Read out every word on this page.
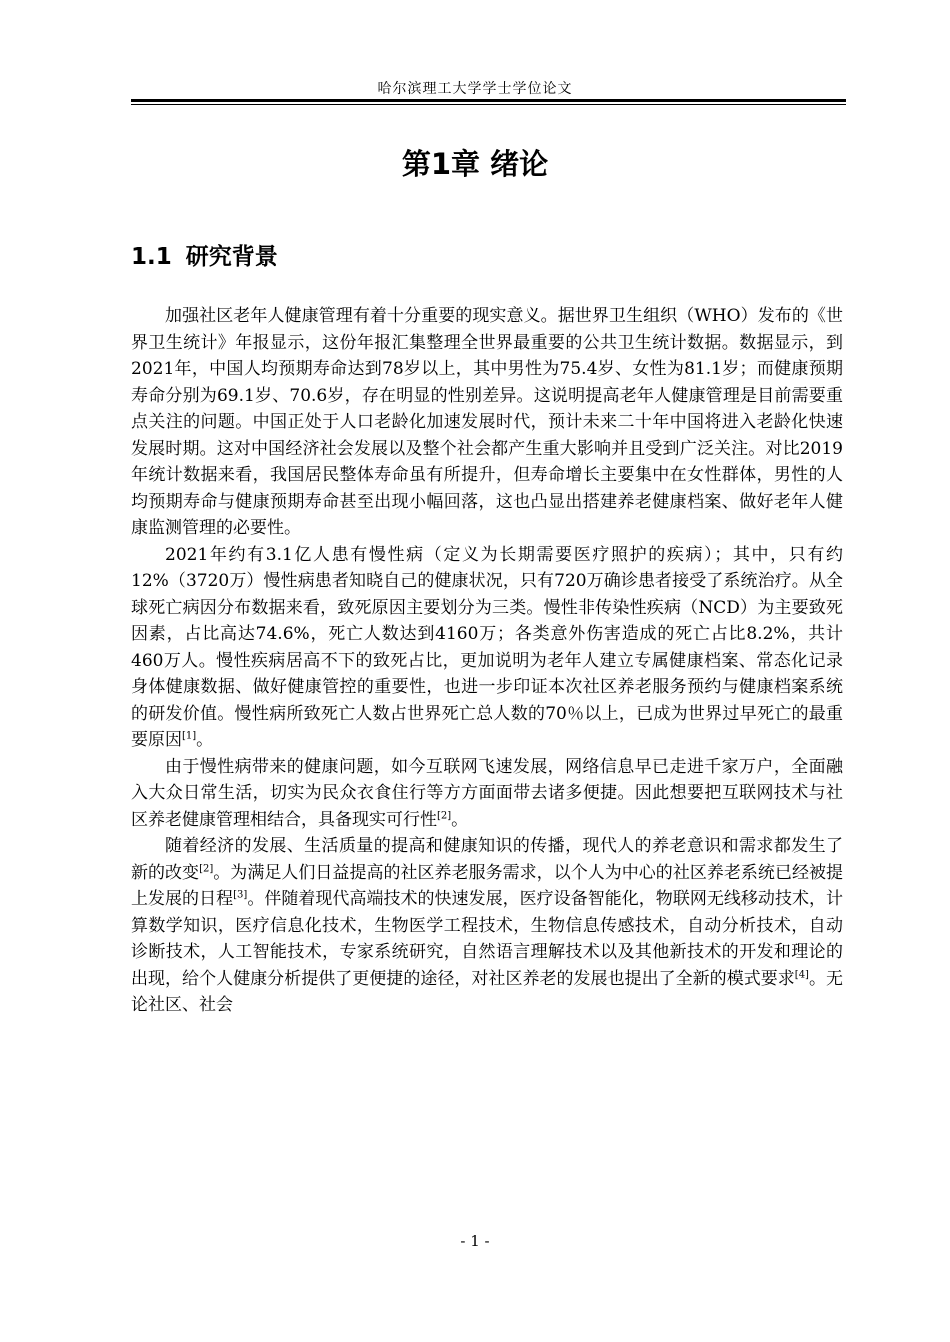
哈尔滨理工大学学士学位论文
第1章 绪论
1.1 研究背景

加强社区老年人健康管理有着十分重要的现实意义。据世界卫生组织（WHO）发布的《世界卫生统计》年报显示，这份年报汇集整理全世界最重要的公共卫生统计数据。数据显示，到2021年，中国人均预期寿命达到78岁以上，其中男性为75.4岁、女性为81.1岁；而健康预期寿命分别为69.1岁、70.6岁，存在明显的性别差异。这说明提高老年人健康管理是目前需要重点关注的问题。中国正处于人口老龄化加速发展时代，预计未来二十年中国将进入老龄化快速发展时期。这对中国经济社会发展以及整个社会都产生重大影响并且受到广泛关注。对比2019年统计数据来看，我国居民整体寿命虽有所提升，但寿命增长主要集中在女性群体，男性的人均预期寿命与健康预期寿命甚至出现小幅回落，这也凸显出搭建养老健康档案、做好老年人健康监测管理的必要性。

2021年约有3.1亿人患有慢性病（定义为长期需要医疗照护的疾病）；其中，只有约12%（3720万）慢性病患者知晓自己的健康状况，只有720万确诊患者接受了系统治疗。从全球死亡病因分布数据来看，致死原因主要划分为三类。慢性非传染性疾病（NCD）为主要致死因素，占比高达74.6%，死亡人数达到4160万；各类意外伤害造成的死亡占比8.2%，共计460万人。慢性疾病居高不下的致死占比，更加说明为老年人建立专属健康档案、常态化记录身体健康数据、做好健康管控的重要性，也进一步印证本次社区养老服务预约与健康档案系统的研发价值。慢性病所致死亡人数占世界死亡总人数的70％以上，已成为世界过早死亡的最重要原因[1]。

由于慢性病带来的健康问题，如今互联网飞速发展，网络信息早已走进千家万户，全面融入大众日常生活，切实为民众衣食住行等方方面面带去诸多便捷。因此想要把互联网技术与社区养老健康管理相结合，具备现实可行性[2]。

随着经济的发展、生活质量的提高和健康知识的传播，现代人的养老意识和需求都发生了新的改变[2]。为满足人们日益提高的社区养老服务需求，以个人为中心的社区养老系统已经被提上发展的日程[3]。伴随着现代高端技术的快速发展，医疗设备智能化，物联网无线移动技术，计算数学知识，医疗信息化技术，生物医学工程技术，生物信息传感技术，自动分析技术，自动诊断技术，人工智能技术，专家系统研究，自然语言理解技术以及其他新技术的开发和理论的出现，给个人健康分析提供了更便捷的途径，对社区养老的发展也提出了全新的模式要求[4]。无论社区、社会

- 1 -
